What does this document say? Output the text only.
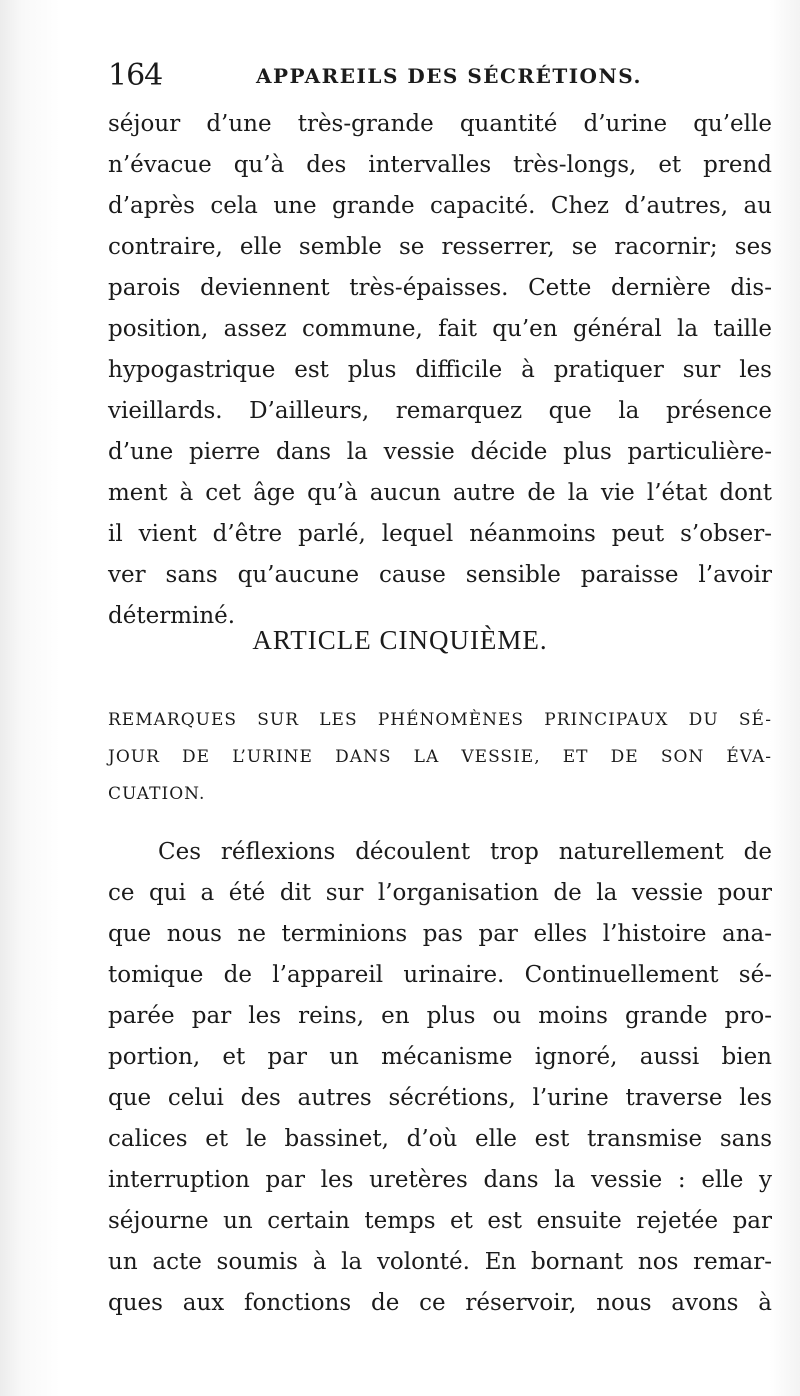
164	APPAREILS DES SÉCRÉTIONS.
séjour d’une très-grande quantité d’urine qu’elle
n’évacue qu’à des intervalles très-longs, et prend
d’après cela une grande capacité. Chez d’autres, au
contraire, elle semble se resserrer, se racornir; ses
parois deviennent très-épaisses. Cette dernière dis-
position, assez commune, fait qu’en général la taille
hypogastrique est plus difficile à pratiquer sur les
vieillards. D’ailleurs, remarquez que la présence
d’une pierre dans la vessie décide plus particulière-
ment à cet âge qu’à aucun autre de la vie l’état dont
il vient d’être parlé, lequel néanmoins peut s’obser-
ver sans qu’aucune cause sensible paraisse l’avoir
déterminé.
ARTICLE CINQUIÈME.
REMARQUES SUR LES PHÉNOMÈNES PRINCIPAUX DU SÉ-
JOUR DE L’URINE DANS LA VESSIE, ET DE SON ÉVA-
CUATION.
Ces réflexions découlent trop naturellement de
ce qui a été dit sur l’organisation de la vessie pour
que nous ne terminions pas par elles l’histoire ana-
tomique de l’appareil urinaire. Continuellement sé-
parée par les reins, en plus ou moins grande pro-
portion, et par un mécanisme ignoré, aussi bien
que celui des autres sécrétions, l’urine traverse les
calices et le bassinet, d’où elle est transmise sans
interruption par les uretères dans la vessie : elle y
séjourne un certain temps et est ensuite rejetée par
un acte soumis à la volonté. En bornant nos remar-
ques aux fonctions de ce réservoir, nous avons à
